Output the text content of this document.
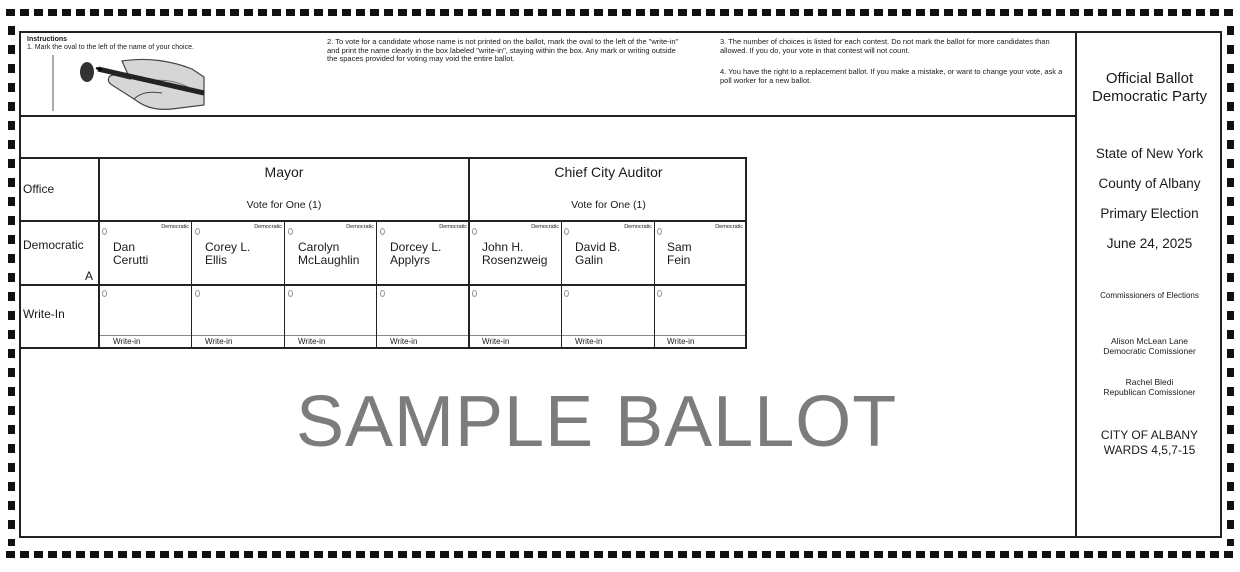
Instructions
1. Mark the oval to the left of the name of your choice.
2. To vote for a candidate whose name is not printed on the ballot, mark the oval to the left of the "write-in" and print the name clearly in the box labeled "write-in", staying within the box. Any mark or writing outside the spaces provided for voting may void the entire ballot.
3. The number of choices is listed for each contest. Do not mark the ballot for more candidates than allowed. If you do, your vote in that contest will not count.
4. You have the right to a replacement ballot. If you make a mistake, or want to change your vote, ask a poll worker for a new ballot.
Office
Democratic
A
Write-In
Mayor
Vote for One (1)
Chief City Auditor
Vote for One (1)
Democratic
Dan
Cerutti
Write-in
Democratic
Corey L.
Ellis
Write-in
Democratic
Carolyn
McLaughlin
Write-in
Democratic
Dorcey L.
Applyrs
Write-in
Democratic
John H.
Rosenzweig
Write-in
Democratic
David B.
Galin
Write-in
Democratic
Sam
Fein
Write-in
SAMPLE BALLOT
Official Ballot
Democratic Party
State of New York
County of Albany
Primary Election
June 24, 2025
Commissioners of Elections
Alison McLean Lane
Democratic Comissioner
Rachel Bledi
Republican Comissioner
CITY OF ALBANY
WARDS 4,5,7-15
